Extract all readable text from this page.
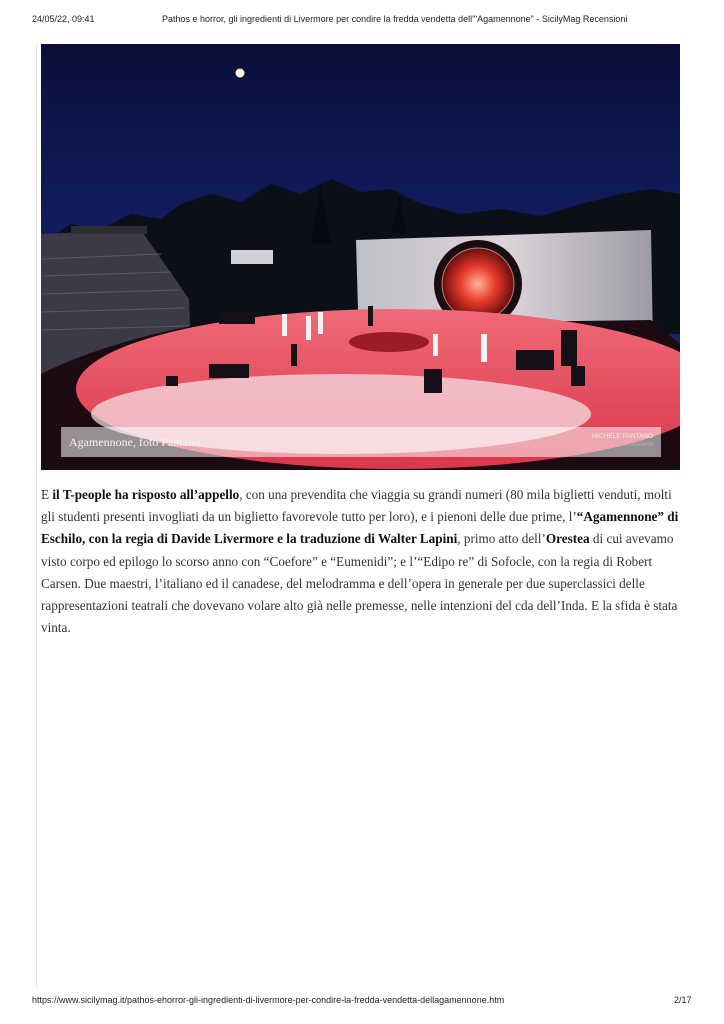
24/05/22, 09:41	Pathos e horror, gli ingredienti di Livermore per condire la fredda vendetta dell'"Agamennone" - SicilyMag Recensioni
Agamennone, foto Pantano	MICHELE PANTANO
FOTOGRAFO

E il T-people ha risposto all’appello, con una prevendita che viaggia su grandi numeri (80 mila biglietti venduti, molti gli studenti presenti invogliati da un biglietto favorevole tutto per loro), e i pienoni delle due prime, l’“Agamennone” di Eschilo, con la regia di Davide Livermore e la traduzione di Walter Lapini, primo atto dell’Orestea di cui avevamo visto corpo ed epilogo lo scorso anno con “Coefore” e “Eumenidi”; e l’“Edipo re” di Sofocle, con la regia di Robert Carsen. Due maestri, l’italiano ed il canadese, del melodramma e dell’opera in generale per due superclassici delle rappresentazioni teatrali che dovevano volare alto già nelle premesse, nelle intenzioni del cda dell’Inda. E la sfida è stata vinta.

https://www.sicilymag.it/pathos-ehorror-gli-ingredienti-di-livermore-per-condire-la-fredda-vendetta-dellagamennone.htm	2/17
